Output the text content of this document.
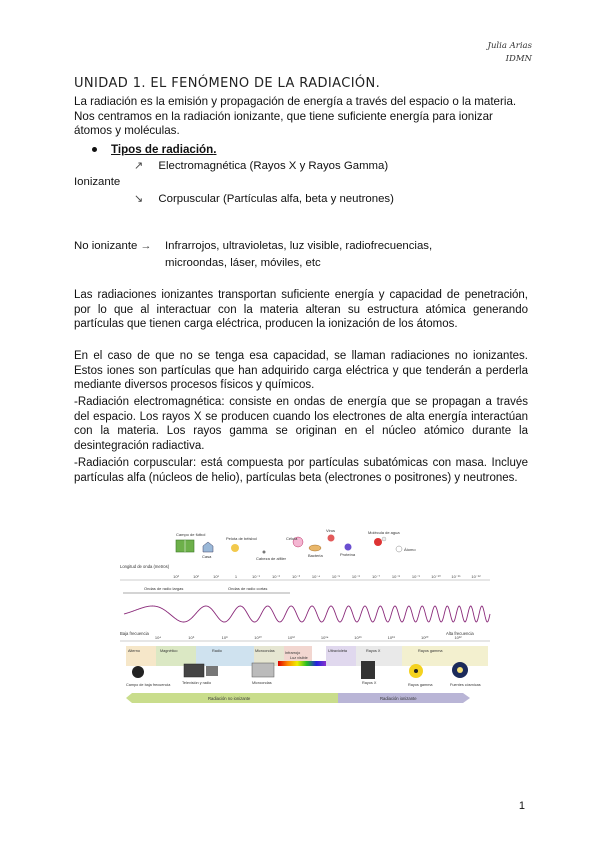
Julia Arias
IDMN
UNIDAD 1. EL FENÓMENO DE LA RADIACIÓN.
La radiación es la emisión y propagación de energía a través del espacio o la materia. Nos centramos en la radiación ionizante, que tiene suficiente energía para ionizar átomos y moléculas.
Tipos de radiación.
↗ Electromagnética (Rayos X y Rayos Gamma)
Ionizante
↘ Corpuscular (Partículas alfa, beta y neutrones)
No ionizante → Infrarrojos, ultravioletas, luz visible, radiofrecuencias,
microondas, láser, móviles, etc
Las radiaciones ionizantes transportan suficiente energía y capacidad de penetración, por lo que al interactuar con la materia alteran su estructura atómica generando partículas que tienen carga eléctrica, producen la ionización de los átomos.
En el caso de que no se tenga esa capacidad, se llaman radiaciones no ionizantes. Estos iones son partículas que han adquirido carga eléctrica y que tenderán a perderla mediante diversos procesos físicos y químicos.
-Radiación electromagnética: consiste en ondas de energía que se propagan a través del espacio. Los rayos X se producen cuando los electrones de alta energía interactúan con la materia. Los rayos gamma se originan en el núcleo atómico durante la desintegración radiactiva.
-Radiación corpuscular: está compuesta por partículas subatómicas con masa. Incluye partículas alfa (núcleos de helio), partículas beta (electrones o positrones) y neutrones.
Campo de fútbol
Casa
Pelota de béisbol
Cabeza de alfiler
Célula
Bacteria
Virus
Proteína
Molécula de agua
Átomo
Longitud de onda (metros)
10³	10²	10¹	1	10⁻¹	10⁻²	10⁻³	10⁻⁴	10⁻⁵	10⁻⁶	10⁻⁷	10⁻⁸	10⁻⁹	10⁻¹⁰	10⁻¹¹	10⁻¹²
Ondas de radio largas	Ondas de radio cortas
Baja frecuencia	Alta frecuencia
10⁴	10⁶	10⁸	10¹⁰	10¹²	10¹⁴	10¹⁶	10¹⁸	10²⁰	10²²
Alterno	Magnético	Radio	Microondas	Infrarrojo
Luz visible
Ultravioleta	Rayos X	Rayos gamma
Campo de baja frecuencia	Televisión y radio	Microondas	Rayos X	Rayos gamma	Fuentes cósmicas
Radiación no ionizante	Radiación ionizante
1
